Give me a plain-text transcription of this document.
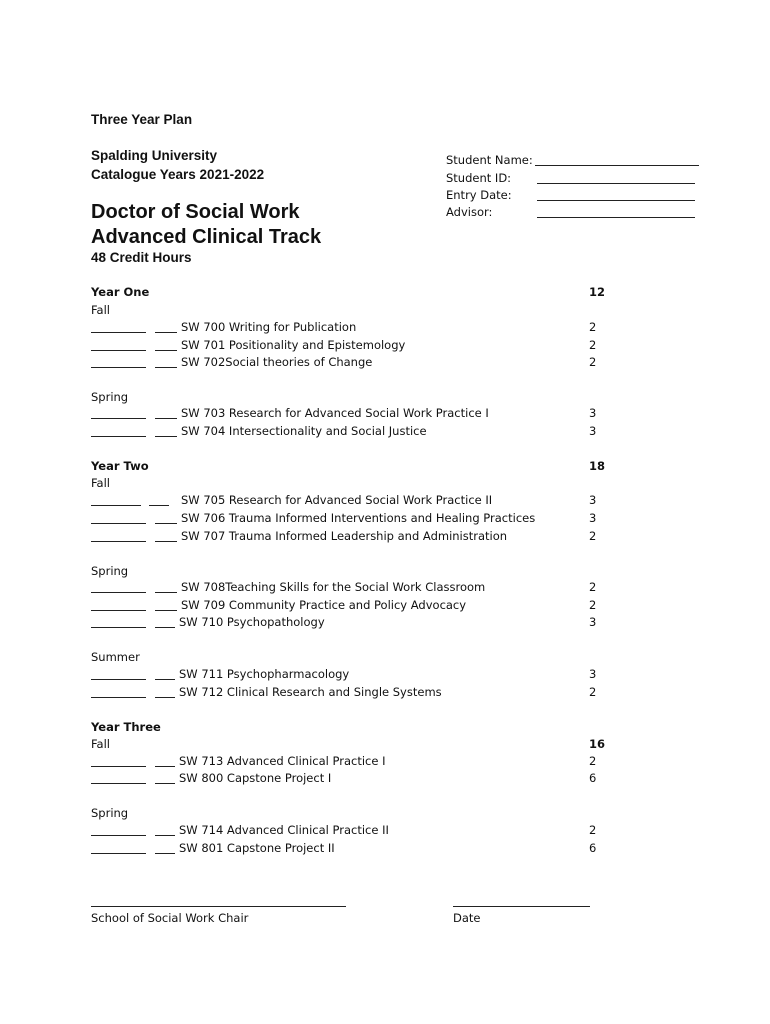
Three Year Plan
Spalding University
Catalogue Years 2021-2022
Doctor of Social Work
Advanced Clinical Track
48 Credit Hours
Student Name:
Student ID:
Entry Date:
Advisor:
Year One	12
Fall
SW 700 Writing for Publication	2
SW 701 Positionality and Epistemology	2
SW 702Social theories of Change	2
Spring
SW 703 Research for Advanced Social Work Practice I	3
SW 704 Intersectionality and Social Justice	3
Year Two	18
Fall
SW 705 Research for Advanced Social Work Practice II	3
SW 706 Trauma Informed Interventions and Healing Practices	3
SW 707 Trauma Informed Leadership and Administration	2
Spring
SW 708Teaching Skills for the Social Work Classroom	2
SW 709 Community Practice and Policy Advocacy	2
SW 710 Psychopathology	3
Summer
SW 711 Psychopharmacology	3
SW 712 Clinical Research and Single Systems	2
Year Three
Fall	16
SW 713 Advanced Clinical Practice I	2
SW 800 Capstone Project I	6
Spring
SW 714 Advanced Clinical Practice II	2
SW 801 Capstone Project II	6
School of Social Work Chair	Date
